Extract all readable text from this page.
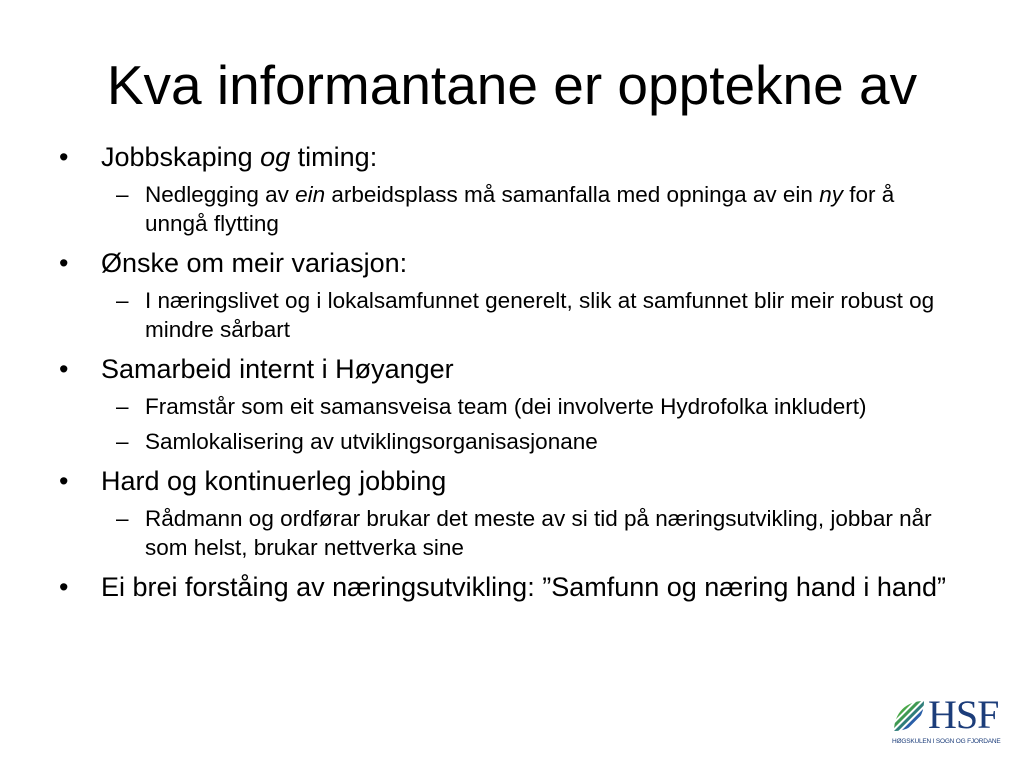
Kva informantane er opptekne av
• Jobbskaping og timing:
– Nedlegging av ein arbeidsplass må samanfalla med opninga av ein ny for å unngå flytting
• Ønske om meir variasjon:
– I næringslivet og i lokalsamfunnet generelt, slik at samfunnet blir meir robust og mindre sårbart
• Samarbeid internt i Høyanger
– Framstår som eit samansveisa team (dei involverte Hydrofolka inkludert)
– Samlokalisering av utviklingsorganisasjonane
• Hard og kontinuerleg jobbing
– Rådmann og ordførar brukar det meste av si tid på næringsutvikling, jobbar når som helst, brukar nettverka sine
• Ei brei forståing av næringsutvikling: ”Samfunn og næring hand i hand”
HSF
HØGSKULEN I SOGN OG FJORDANE
